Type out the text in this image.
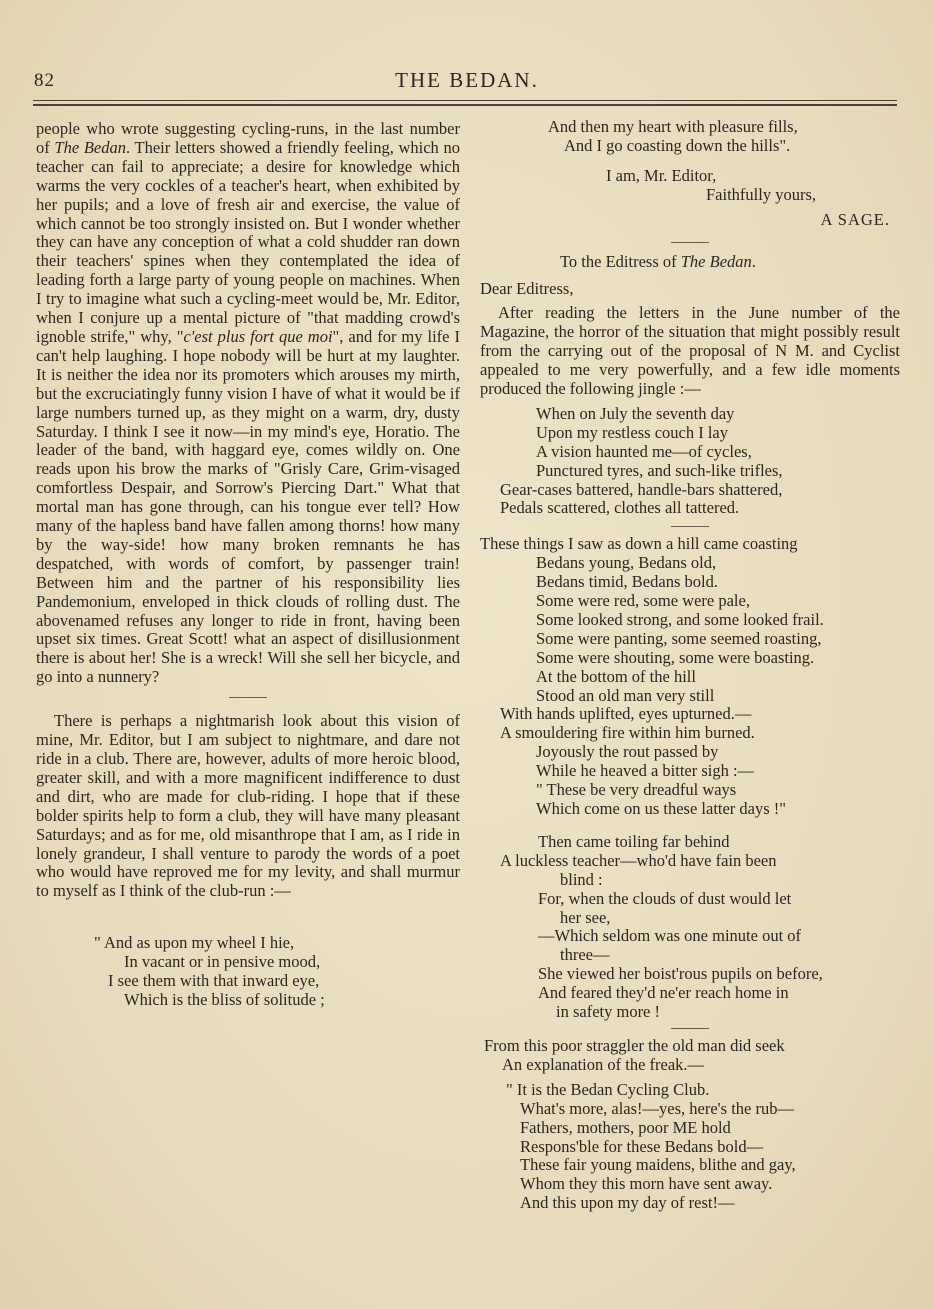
82	THE BEDAN.

people who wrote suggesting cycling-runs, in the last number of The Bedan. Their letters showed a friendly feeling, which no teacher can fail to appreciate; a desire for knowledge which warms the very cockles of a teacher's heart, when exhibited by her pupils; and a love of fresh air and exercise, the value of which cannot be too strongly insisted on. But I wonder whether they can have any conception of what a cold shudder ran down their teachers' spines when they contemplated the idea of leading forth a large party of young people on machines. When I try to imagine what such a cycling-meet would be, Mr. Editor, when I conjure up a mental picture of "that madding crowd's ignoble strife," why, "c'est plus fort que moi", and for my life I can't help laughing. I hope nobody will be hurt at my laughter. It is neither the idea nor its promoters which arouses my mirth, but the excruciatingly funny vision I have of what it would be if large numbers turned up, as they might on a warm, dry, dusty Saturday. I think I see it now—in my mind's eye, Horatio. The leader of the band, with haggard eye, comes wildly on. One reads upon his brow the marks of "Grisly Care, Grim-visaged comfortless Despair, and Sorrow's Piercing Dart." What that mortal man has gone through, can his tongue ever tell? How many of the hapless band have fallen among thorns! how many by the way-side! how many broken remnants he has despatched, with words of comfort, by passenger train! Between him and the partner of his responsibility lies Pandemonium, enveloped in thick clouds of rolling dust. The abovenamed refuses any longer to ride in front, having been upset six times. Great Scott! what an aspect of disillusionment there is about her! She is a wreck! Will she sell her bicycle, and go into a nunnery?

There is perhaps a nightmarish look about this vision of mine, Mr. Editor, but I am subject to nightmare, and dare not ride in a club. There are, however, adults of more heroic blood, greater skill, and with a more magnificent indifference to dust and dirt, who are made for club-riding. I hope that if these bolder spirits help to form a club, they will have many pleasant Saturdays; and as for me, old misanthrope that I am, as I ride in lonely grandeur, I shall venture to parody the words of a poet who would have reproved me for my levity, and shall murmur to myself as I think of the club-run :—

" And as upon my wheel I hie,
In vacant or in pensive mood,
I see them with that inward eye,
Which is the bliss of solitude ;
And then my heart with pleasure fills,
And I go coasting down the hills".
I am, Mr. Editor,
Faithfully yours,
A SAGE.
To the Editress of The Bedan.
Dear Editress,

After reading the letters in the June number of the Magazine, the horror of the situation that might possibly result from the carrying out of the proposal of N M. and Cyclist appealed to me very powerfully, and a few idle moments produced the following jingle :—

When on July the seventh day
Upon my restless couch I lay
A vision haunted me—of cycles,
Punctured tyres, and such-like trifles,
Gear-cases battered, handle-bars shattered,
Pedals scattered, clothes all tattered.
These things I saw as down a hill came coasting
Bedans young, Bedans old,
Bedans timid, Bedans bold.
Some were red, some were pale,
Some looked strong, and some looked frail.
Some were panting, some seemed roasting,
Some were shouting, some were boasting.
At the bottom of the hill
Stood an old man very still
With hands uplifted, eyes upturned.—
A smouldering fire within him burned.
Joyously the rout passed by
While he heaved a bitter sigh :—
" These be very dreadful ways
Which come on us these latter days !"
Then came toiling far behind
A luckless teacher—who'd have fain been
blind :
For, when the clouds of dust would let
her see,
—Which seldom was one minute out of
three—
She viewed her boist'rous pupils on before,
And feared they'd ne'er reach home in
in safety more !
From this poor straggler the old man did seek
An explanation of the freak.—
" It is the Bedan Cycling Club.
What's more, alas!—yes, here's the rub—
Fathers, mothers, poor ME hold
Respons'ble for these Bedans bold—
These fair young maidens, blithe and gay,
Whom they this morn have sent away.
And this upon my day of rest!—
